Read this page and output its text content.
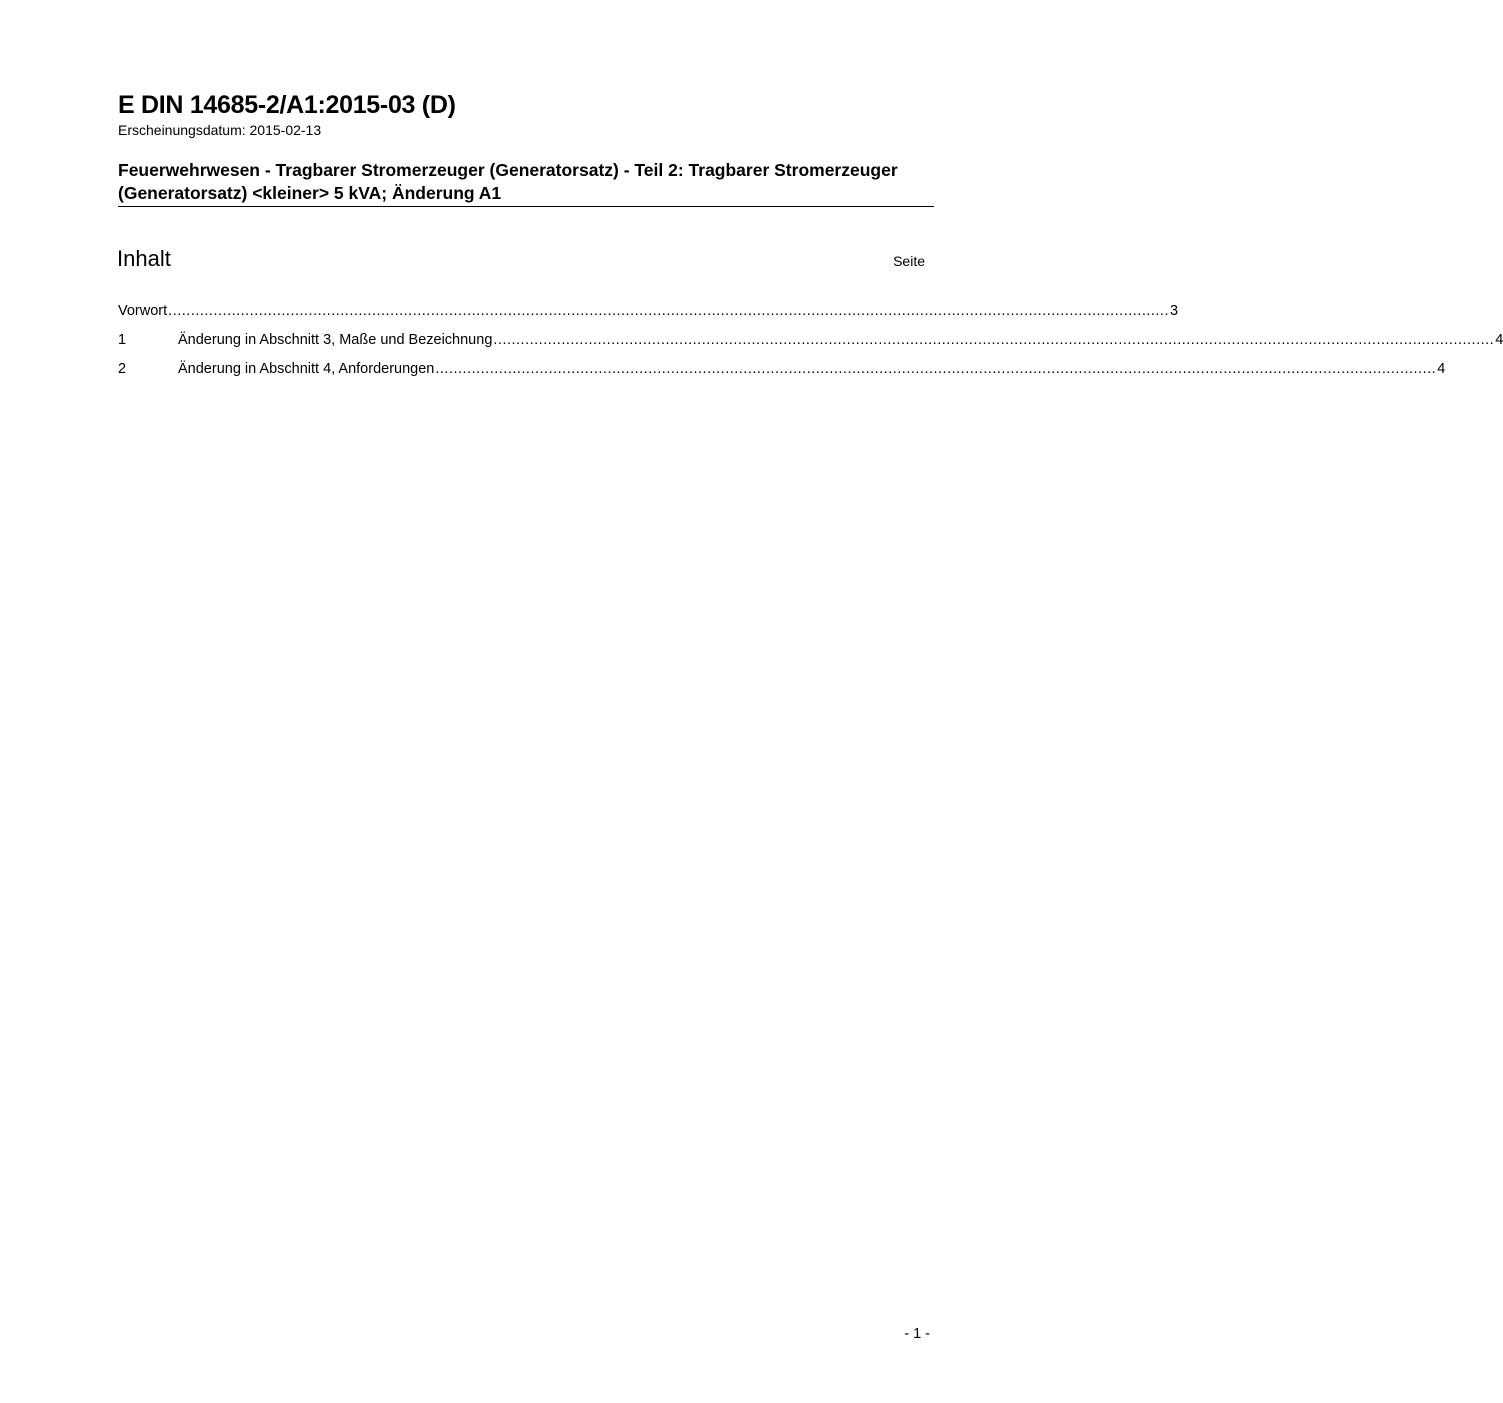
E DIN 14685-2/A1:2015-03 (D)
Erscheinungsdatum: 2015-02-13
Feuerwehrwesen - Tragbarer Stromerzeuger (Generatorsatz) - Teil 2: Tragbarer Stromerzeuger (Generatorsatz) <kleiner> 5 kVA; Änderung A1
Inhalt	Seite
Vorwort ............................................................................................................................................................................................................................. 3
1	Änderung in Abschnitt 3, Maße und Bezeichnung ............................................................................................................................................................................................................................. 4
2	Änderung in Abschnitt 4, Anforderungen ............................................................................................................................................................................................................................. 4
- 1 -
